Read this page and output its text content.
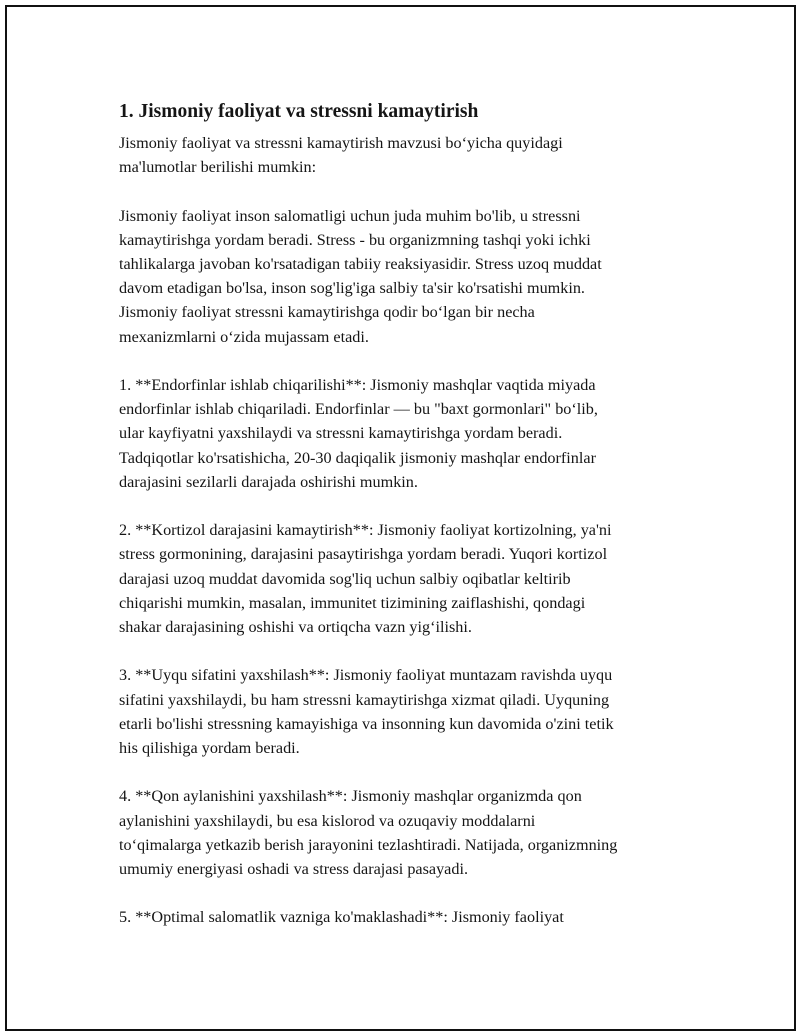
1. Jismoniy faoliyat va stressni kamaytirish
Jismoniy faoliyat va stressni kamaytirish mavzusi bo‘yicha quyidagi
ma'lumotlar berilishi mumkin:
Jismoniy faoliyat inson salomatligi uchun juda muhim bo'lib, u stressni
kamaytirishga yordam beradi. Stress - bu organizmning tashqi yoki ichki
tahlikalarga javoban ko'rsatadigan tabiiy reaksiyasidir. Stress uzoq muddat
davom etadigan bo'lsa, inson sog'lig'iga salbiy ta'sir ko'rsatishi mumkin.
Jismoniy faoliyat stressni kamaytirishga qodir bo‘lgan bir necha
mexanizmlarni o‘zida mujassam etadi.
1. **Endorfinlar ishlab chiqarilishi**: Jismoniy mashqlar vaqtida miyada
endorfinlar ishlab chiqariladi. Endorfinlar — bu "baxt gormonlari" bo‘lib,
ular kayfiyatni yaxshilaydi va stressni kamaytirishga yordam beradi.
Tadqiqotlar ko'rsatishicha, 20-30 daqiqalik jismoniy mashqlar endorfinlar
darajasini sezilarli darajada oshirishi mumkin.
2. **Kortizol darajasini kamaytirish**: Jismoniy faoliyat kortizolning, ya'ni
stress gormonining, darajasini pasaytirishga yordam beradi. Yuqori kortizol
darajasi uzoq muddat davomida sog'liq uchun salbiy oqibatlar keltirib
chiqarishi mumkin, masalan, immunitet tizimining zaiflashishi, qondagi
shakar darajasining oshishi va ortiqcha vazn yig‘ilishi.
3. **Uyqu sifatini yaxshilash**: Jismoniy faoliyat muntazam ravishda uyqu
sifatini yaxshilaydi, bu ham stressni kamaytirishga xizmat qiladi. Uyquning
etarli bo'lishi stressning kamayishiga va insonning kun davomida o'zini tetik
his qilishiga yordam beradi.
4. **Qon aylanishini yaxshilash**: Jismoniy mashqlar organizmda qon
aylanishini yaxshilaydi, bu esa kislorod va ozuqaviy moddalarni
to‘qimalarga yetkazib berish jarayonini tezlashtiradi. Natijada, organizmning
umumiy energiyasi oshadi va stress darajasi pasayadi.
5. **Optimal salomatlik vazniga ko'maklashadi**: Jismoniy faoliyat
